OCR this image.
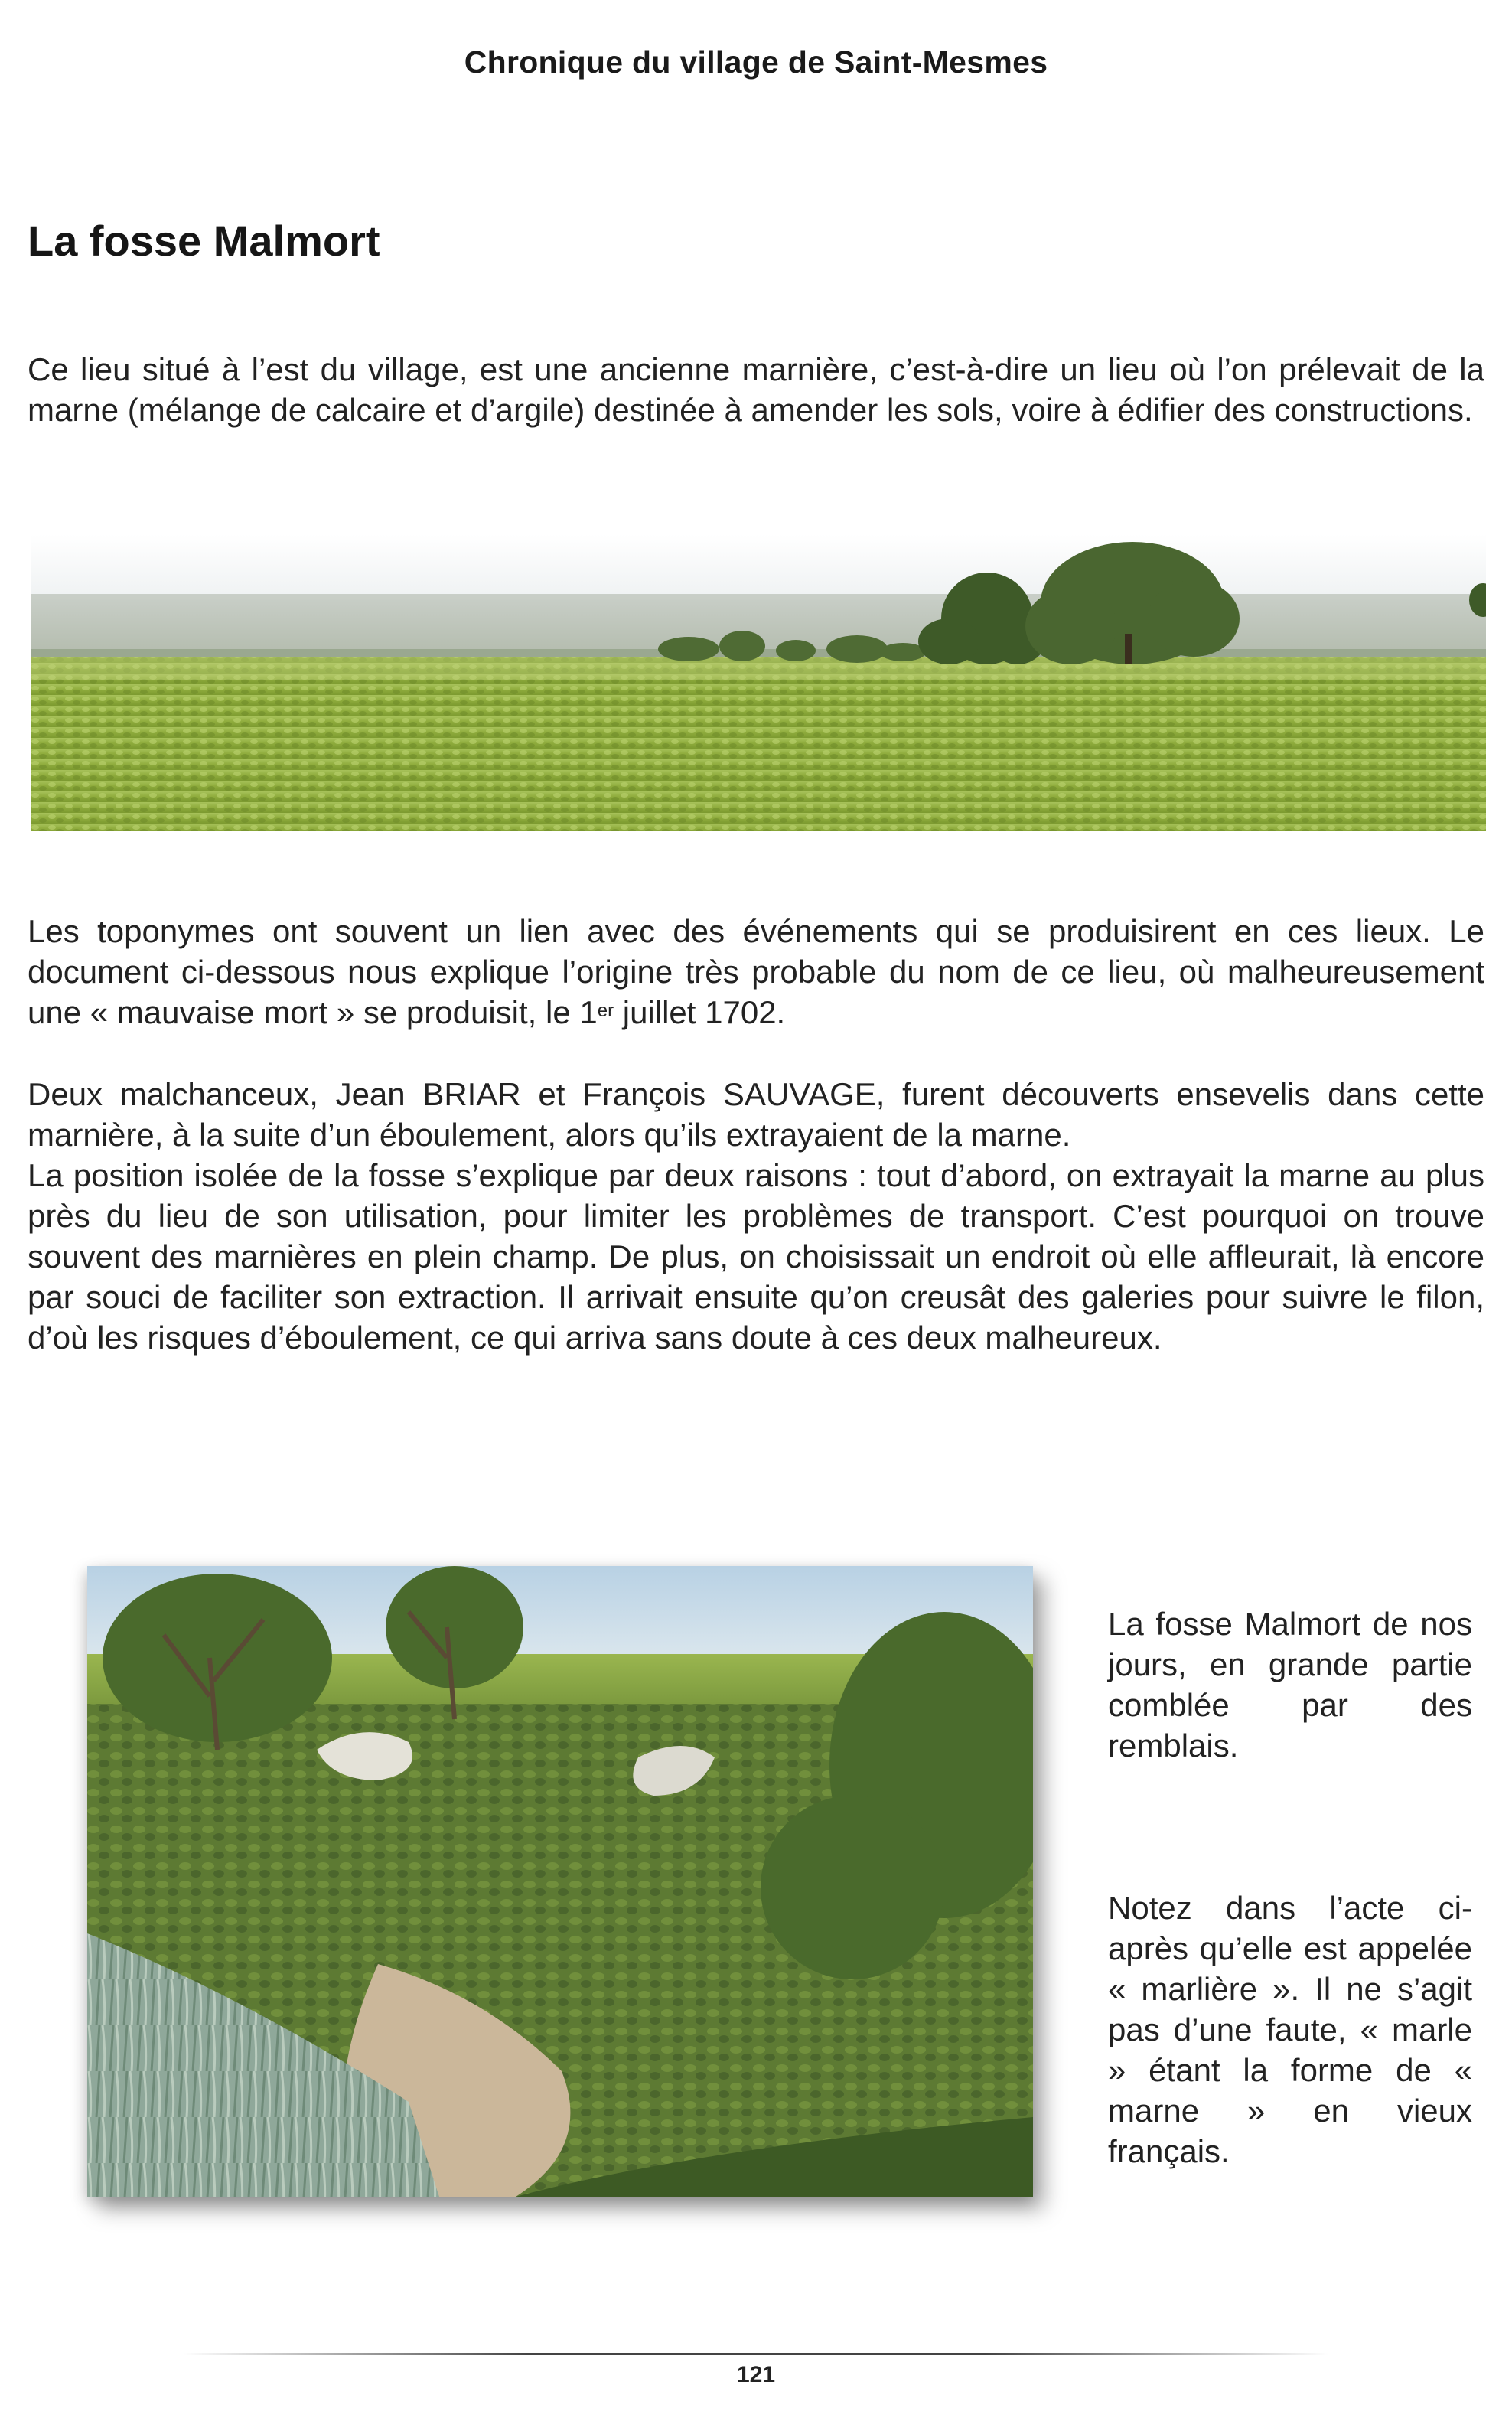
Chronique du village de Saint-Mesmes
La fosse Malmort

Ce lieu situé à l’est du village, est une ancienne marnière, c’est-à-dire un lieu où l’on prélevait de la marne (mélange de calcaire et d’argile) destinée à amender les sols, voire à édifier des constructions.

Les toponymes ont souvent un lien avec des événements qui se produisirent en ces lieux. Le document ci-dessous nous explique l’origine très probable du nom de ce lieu, où malheureusement une « mauvaise mort » se produisit, le 1er juillet 1702.

Deux malchanceux, Jean BRIAR et François SAUVAGE, furent découverts ensevelis dans cette marnière, à la suite d’un éboulement, alors qu’ils extrayaient de la marne.

La position isolée de la fosse s’explique par deux raisons : tout d’abord, on extrayait la marne au plus près du lieu de son utilisation, pour limiter les problèmes de transport. C’est pourquoi on trouve souvent des marnières en plein champ. De plus, on choisissait un endroit où elle affleurait, là encore par souci de faciliter son extraction. Il arrivait ensuite qu’on creusât des galeries pour suivre le filon, d’où les risques d’éboulement, ce qui arriva sans doute à ces deux malheureux.

La fosse Malmort de nos jours, en grande partie comblée par des remblais.

Notez dans l’acte ci-après qu’elle est appelée « marlière ». Il ne s’agit pas d’une faute, « marle » étant la forme de « marne » en vieux français.

121
